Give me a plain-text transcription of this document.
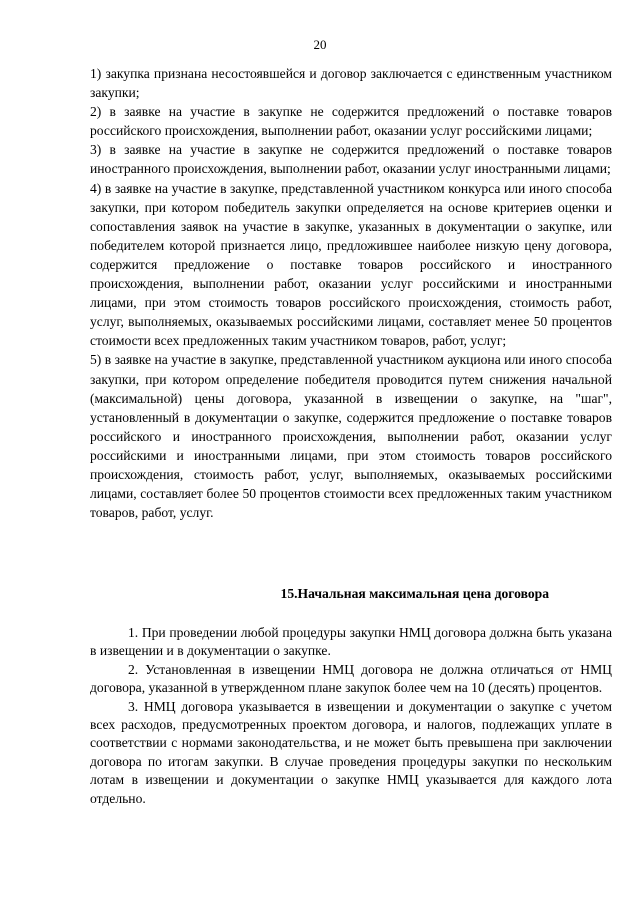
20

1) закупка признана несостоявшейся и договор заключается с единственным участником закупки;

2) в заявке на участие в закупке не содержится предложений о поставке товаров российского происхождения, выполнении работ, оказании услуг российскими лицами;

3) в заявке на участие в закупке не содержится предложений о поставке товаров иностранного происхождения, выполнении работ, оказании услуг иностранными лицами;

4) в заявке на участие в закупке, представленной участником конкурса или иного способа закупки, при котором победитель закупки определяется на основе критериев оценки и сопоставления заявок на участие в закупке, указанных в документации о закупке, или победителем которой признается лицо, предложившее наиболее низкую цену договора, содержится предложение о поставке товаров российского и иностранного происхождения, выполнении работ, оказании услуг российскими и иностранными лицами, при этом стоимость товаров российского происхождения, стоимость работ, услуг, выполняемых, оказываемых российскими лицами, составляет менее 50 процентов стоимости всех предложенных таким участником товаров, работ, услуг;

5) в заявке на участие в закупке, представленной участником аукциона или иного способа закупки, при котором определение победителя проводится путем снижения начальной (максимальной) цены договора, указанной в извещении о закупке, на "шаг", установленный в документации о закупке, содержится предложение о поставке товаров российского и иностранного происхождения, выполнении работ, оказании услуг российскими и иностранными лицами, при этом стоимость товаров российского происхождения, стоимость работ, услуг, выполняемых, оказываемых российскими лицами, составляет более 50 процентов стоимости всех предложенных таким участником товаров, работ, услуг.

15.Начальная максимальная цена договора

1. При проведении любой процедуры закупки НМЦ договора должна быть указана в извещении и в документации о закупке.

2. Установленная в извещении НМЦ договора не должна отличаться от НМЦ договора, указанной в утвержденном плане закупок более чем на 10 (десять) процентов.

3. НМЦ договора указывается в извещении и документации о закупке с учетом всех расходов, предусмотренных проектом договора, и налогов, подлежащих уплате в соответствии с нормами законодательства, и не может быть превышена при заключении договора по итогам закупки. В случае проведения процедуры закупки по нескольким лотам в извещении и документации о закупке НМЦ указывается для каждого лота отдельно.
